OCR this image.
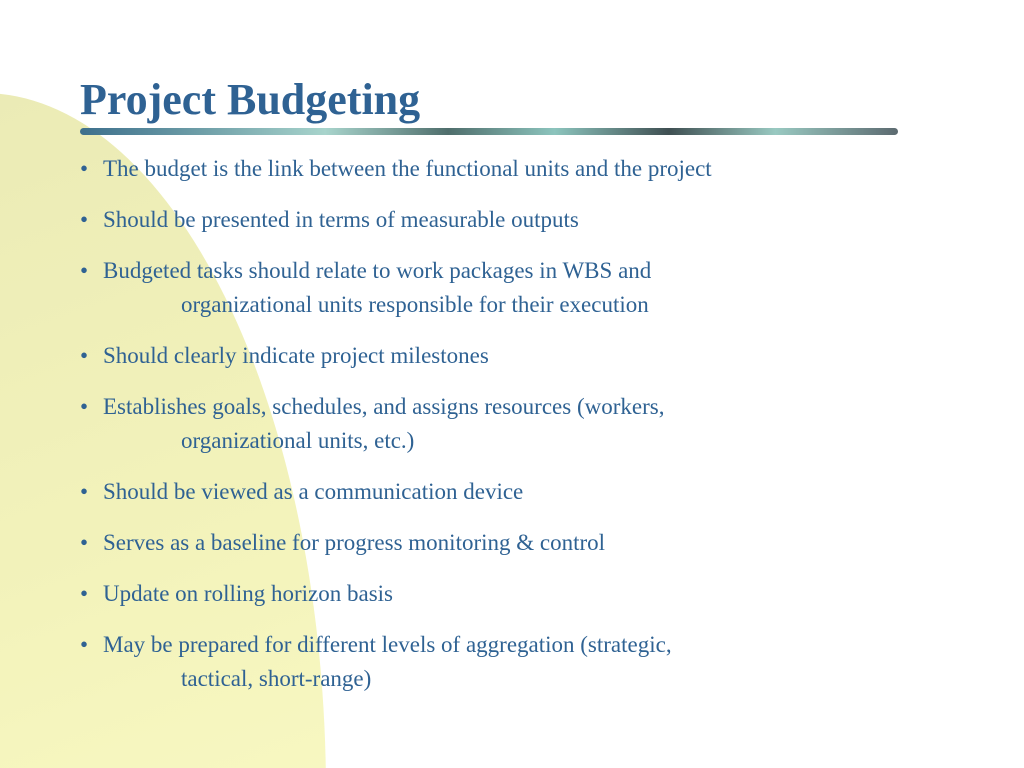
Project Budgeting
• The budget is the link between the functional units and the project
• Should be presented in terms of measurable outputs
• Budgeted tasks should relate to work packages in WBS and
organizational units responsible for their execution
• Should clearly indicate project milestones
• Establishes goals, schedules, and assigns resources (workers,
organizational units, etc.)
• Should be viewed as a communication device
• Serves as a baseline for progress monitoring & control
• Update on rolling horizon basis
• May be prepared for different levels of aggregation (strategic,
tactical, short-range)
